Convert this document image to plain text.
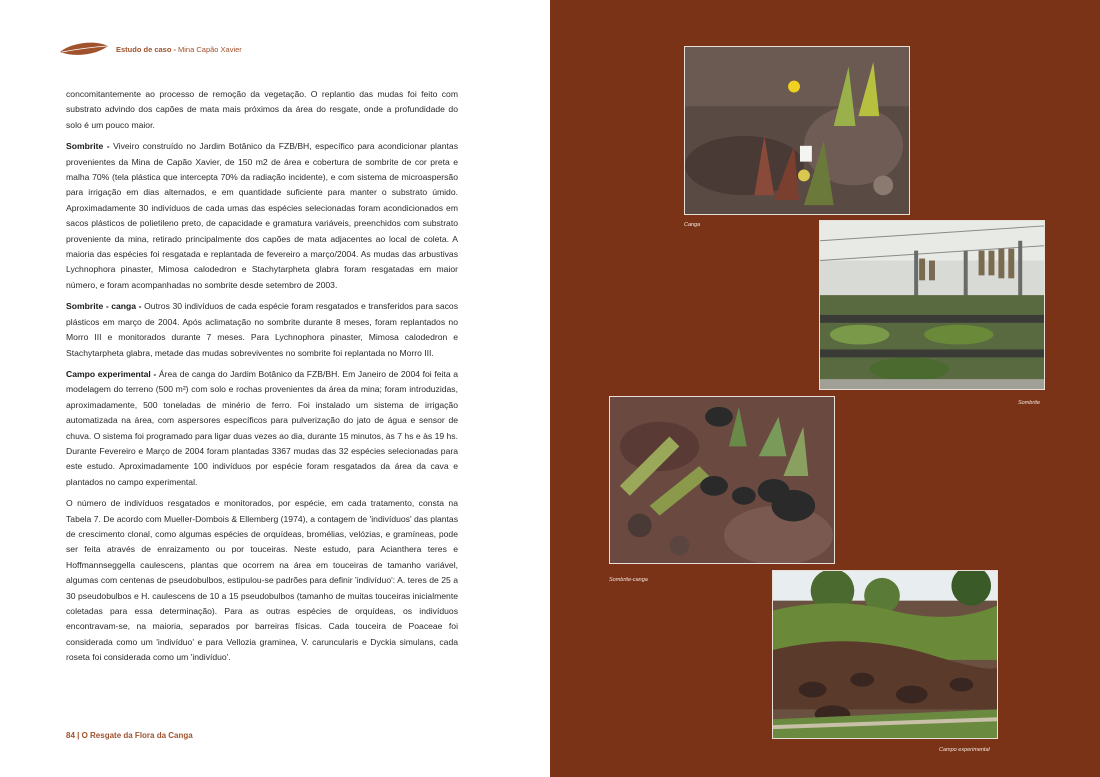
Estudo de caso - Mina Capão Xavier

concomitantemente ao processo de remoção da vegetação. O replantio das mudas foi feito com substrato advindo dos capões de mata mais próximos da área do resgate, onde a profundidade do solo é um pouco maior.

Sombrite - Viveiro construído no Jardim Botânico da FZB/BH, específico para acondicionar plantas provenientes da Mina de Capão Xavier, de 150 m2 de área e cobertura de sombrite de cor preta e malha 70% (tela plástica que intercepta 70% da radiação incidente), e com sistema de microaspersão para irrigação em dias alternados, e em quantidade suficiente para manter o substrato úmido. Aproximadamente 30 indivíduos de cada umas das espécies selecionadas foram acondicionados em sacos plásticos de polietileno preto, de capacidade e gramatura variáveis, preenchidos com substrato proveniente da mina, retirado principalmente dos capões de mata adjacentes ao local de coleta. A maioria das espécies foi resgatada e replantada de fevereiro a março/2004. As mudas das arbustivas Lychnophora pinaster, Mimosa calodedron e Stachytarpheta glabra foram resgatadas em maior número, e foram acompanhadas no sombrite desde setembro de 2003.

Sombrite - canga - Outros 30 indivíduos de cada espécie foram resgatados e transferidos para sacos plásticos em março de 2004. Após aclimatação no sombrite durante 8 meses, foram replantados no Morro III e monitorados durante 7 meses. Para Lychnophora pinaster, Mimosa calodedron e Stachytarpheta glabra, metade das mudas sobreviventes no sombrite foi replantada no Morro III.

Campo experimental - Área de canga do Jardim Botânico da FZB/BH. Em Janeiro de 2004 foi feita a modelagem do terreno (500 m²) com solo e rochas provenientes da área da mina; foram introduzidas, aproximadamente, 500 toneladas de minério de ferro. Foi instalado um sistema de irrigação automatizada na área, com aspersores específicos para pulverização do jato de água e sensor de chuva. O sistema foi programado para ligar duas vezes ao dia, durante 15 minutos, às 7 hs e às 19 hs. Durante Fevereiro e Março de 2004 foram plantadas 3367 mudas das 32 espécies selecionadas para este estudo. Aproximadamente 100 indivíduos por espécie foram resgatados da área da cava e plantados no campo experimental.

O número de indivíduos resgatados e monitorados, por espécie, em cada tratamento, consta na Tabela 7. De acordo com Mueller-Dombois & Ellemberg (1974), a contagem de 'indivíduos' das plantas de crescimento clonal, como algumas espécies de orquídeas, bromélias, velózias, e gramíneas, pode ser feita através de enraizamento ou por touceiras. Neste estudo, para Acianthera teres e Hoffmannseggella caulescens, plantas que ocorrem na área em touceiras de tamanho variável, algumas com centenas de pseudobulbos, estipulou-se padrões para definir 'indivíduo': A. teres de 25 a 30 pseudobulbos e H. caulescens de 10 a 15 pseudobulbos (tamanho de muitas touceiras inicialmente coletadas para essa determinação). Para as outras espécies de orquídeas, os indivíduos encontravam-se, na maioria, separados por barreiras físicas. Cada touceira de Poaceae foi considerada como um 'indivíduo' e para Vellozia graminea, V. caruncularis e Dyckia simulans, cada roseta foi considerada como um 'indivíduo'.

84 | O Resgate da Flora da Canga
Canga
Sombrite
Sombrite-canga
Campo experimental
